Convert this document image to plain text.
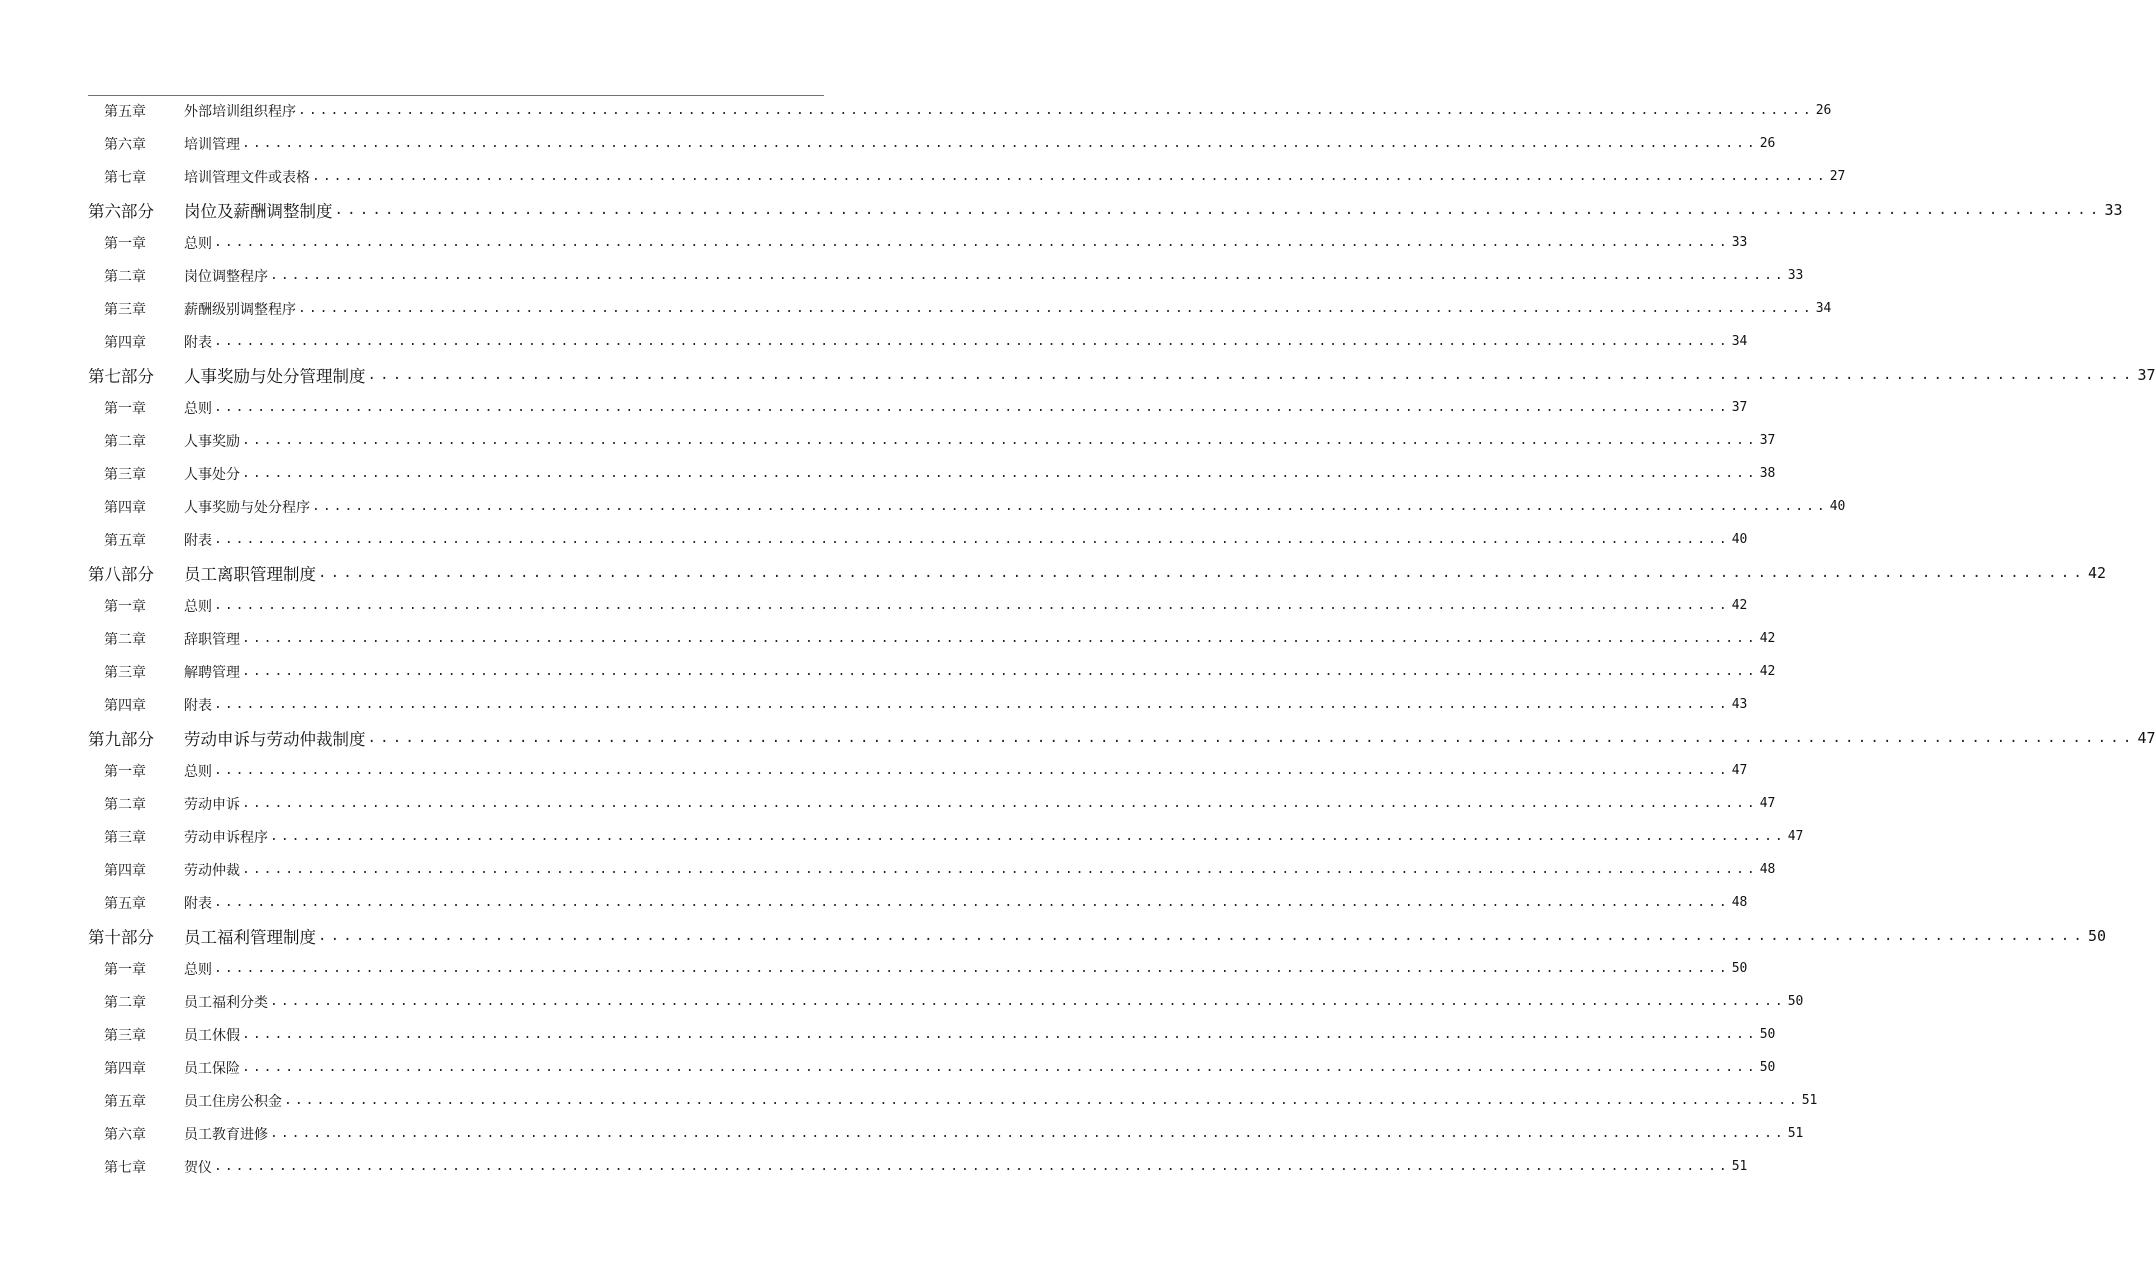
第五章	外部培训组织程序 ............................................................................................................................................ 26
第六章	培训管理 ............................................................................................................................................ 26
第七章	培训管理文件或表格 ............................................................................................................................................ 27
第六部分	岗位及薪酬调整制度 ............................................................................................................................................ 33
第一章	总则 ............................................................................................................................................ 33
第二章	岗位调整程序 ............................................................................................................................................ 33
第三章	薪酬级别调整程序 ............................................................................................................................................ 34
第四章	附表 ............................................................................................................................................ 34
第七部分	人事奖励与处分管理制度 ............................................................................................................................................ 37
第一章	总则 ............................................................................................................................................ 37
第二章	人事奖励 ............................................................................................................................................ 37
第三章	人事处分 ............................................................................................................................................ 38
第四章	人事奖励与处分程序 ............................................................................................................................................ 40
第五章	附表 ............................................................................................................................................ 40
第八部分	员工离职管理制度 ............................................................................................................................................ 42
第一章	总则 ............................................................................................................................................ 42
第二章	辞职管理 ............................................................................................................................................ 42
第三章	解聘管理 ............................................................................................................................................ 42
第四章	附表 ............................................................................................................................................ 43
第九部分	劳动申诉与劳动仲裁制度 ............................................................................................................................................ 47
第一章	总则 ............................................................................................................................................ 47
第二章	劳动申诉 ............................................................................................................................................ 47
第三章	劳动申诉程序 ............................................................................................................................................ 47
第四章	劳动仲裁 ............................................................................................................................................ 48
第五章	附表 ............................................................................................................................................ 48
第十部分	员工福利管理制度 ............................................................................................................................................ 50
第一章	总则 ............................................................................................................................................ 50
第二章	员工福利分类 ............................................................................................................................................ 50
第三章	员工休假 ............................................................................................................................................ 50
第四章	员工保险 ............................................................................................................................................ 50
第五章	员工住房公积金 ............................................................................................................................................ 51
第六章	员工教育进修 ............................................................................................................................................ 51
第七章	贺仪 ............................................................................................................................................ 51
